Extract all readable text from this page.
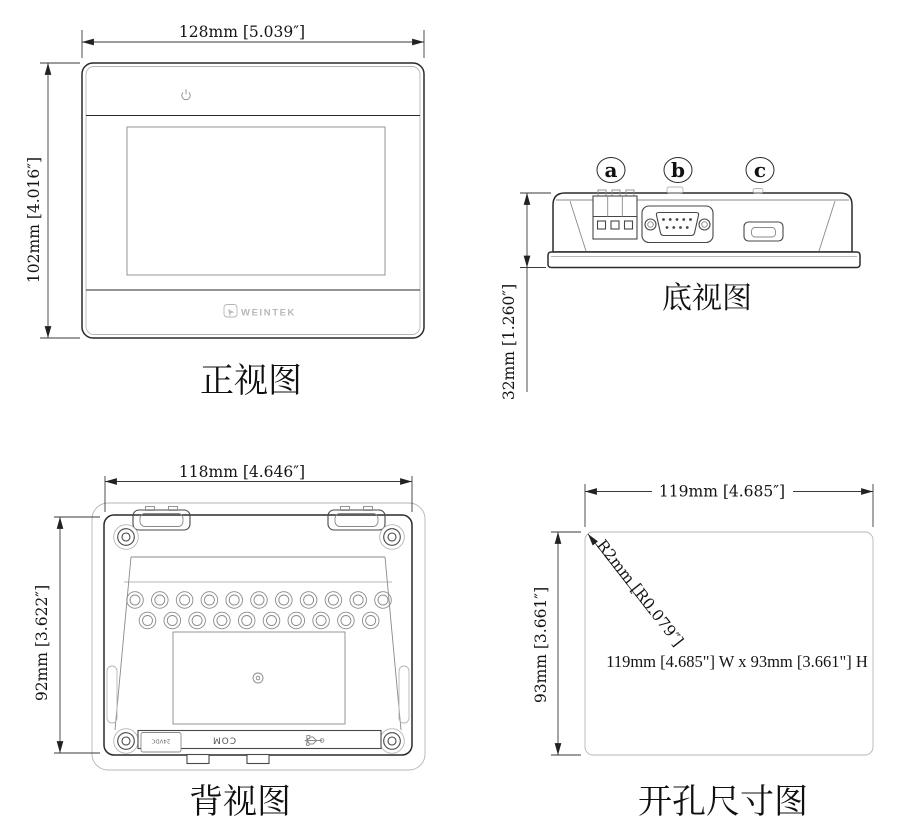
WEINTEK
128mm [5.039″]
102mm [4.016″]
正视图
a	b	c
32mm [1.260″]	底视图
24VDC	COM
118mm [4.646″]
92mm [3.622″]
背视图
119mm [4.685″]
93mm [3.661″]	R2mm [R0.079″]
119mm [4.685"] W x 93mm [3.661"] H
开孔尺寸图
